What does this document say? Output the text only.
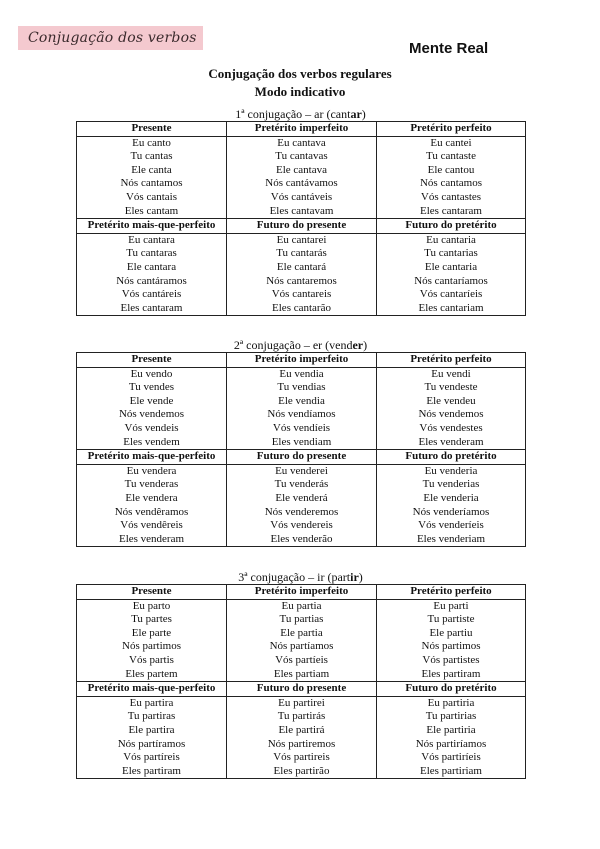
Conjugação dos verbos
Mente Real
Conjugação dos verbos regulares
Modo indicativo
1ª conjugação – ar (cantar)
Presente	Pretérito imperfeito	Pretérito perfeito
Eu canto	Eu cantava	Eu cantei
Tu cantas	Tu cantavas	Tu cantaste
Ele canta	Ele cantava	Ele cantou
Nós cantamos	Nós cantávamos	Nós cantamos
Vós cantais	Vós cantáveis	Vós cantastes
Eles cantam	Eles cantavam	Eles cantaram
Pretérito mais-que-perfeito	Futuro do presente	Futuro do pretérito
Eu cantara	Eu cantarei	Eu cantaria
Tu cantaras	Tu cantarás	Tu cantarias
Ele cantara	Ele cantará	Ele cantaria
Nós cantáramos	Nós cantaremos	Nós cantaríamos
Vós cantáreis	Vós cantareis	Vós cantaríeis
Eles cantaram	Eles cantarão	Eles cantariam
2ª conjugação – er (vender)
Presente	Pretérito imperfeito	Pretérito perfeito
Eu vendo	Eu vendia	Eu vendi
Tu vendes	Tu vendias	Tu vendeste
Ele vende	Ele vendia	Ele vendeu
Nós vendemos	Nós vendíamos	Nós vendemos
Vós vendeis	Vós vendíeis	Vós vendestes
Eles vendem	Eles vendiam	Eles venderam
Pretérito mais-que-perfeito	Futuro do presente	Futuro do pretérito
Eu vendera	Eu venderei	Eu venderia
Tu venderas	Tu venderás	Tu venderias
Ele vendera	Ele venderá	Ele venderia
Nós vendêramos	Nós venderemos	Nós venderíamos
Vós vendêreis	Vós vendereis	Vós venderíeis
Eles venderam	Eles venderão	Eles venderiam
3ª conjugação – ir (partir)
Presente	Pretérito imperfeito	Pretérito perfeito
Eu parto	Eu partia	Eu parti
Tu partes	Tu partias	Tu partiste
Ele parte	Ele partia	Ele partiu
Nós partimos	Nós partíamos	Nós partimos
Vós partis	Vós partíeis	Vós partistes
Eles partem	Eles partiam	Eles partiram
Pretérito mais-que-perfeito	Futuro do presente	Futuro do pretérito
Eu partira	Eu partirei	Eu partiria
Tu partiras	Tu partirás	Tu partirias
Ele partira	Ele partirá	Ele partiria
Nós partíramos	Nós partiremos	Nós partiríamos
Vós partíreis	Vós partireis	Vós partiríeis
Eles partiram	Eles partirão	Eles partiriam
